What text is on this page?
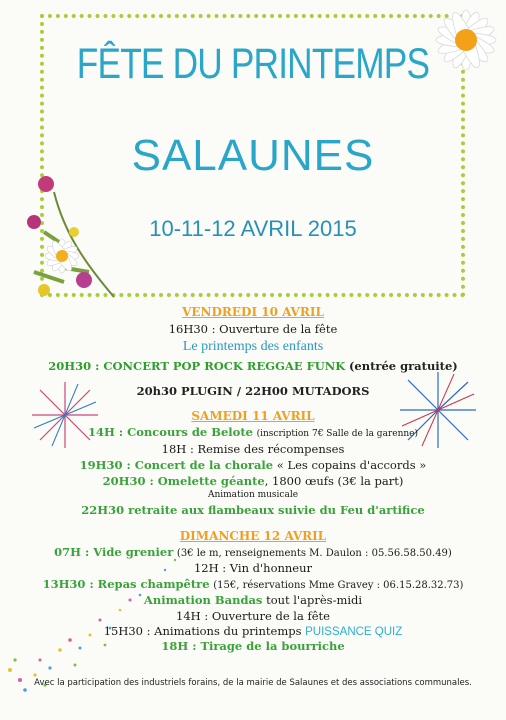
FÊTE DU PRINTEMPS
SALAUNES
10-11-12 AVRIL 2015
VENDREDI 10 AVRIL
16H30 : Ouverture de la fête
Le printemps des enfants
20H30 : CONCERT POP ROCK REGGAE FUNK (entrée gratuite)
20h30 PLUGIN / 22H00 MUTADORS
SAMEDI 11 AVRIL
14H : Concours de Belote (inscription 7€ Salle de la garenne)
18H : Remise des récompenses
19H30 : Concert de la chorale « Les copains d'accords »
20H30 : Omelette géante, 1800 œufs (3€ la part)
Animation musicale
22H30 retraite aux flambeaux suivie du Feu d'artifice
DIMANCHE 12 AVRIL
07H : Vide grenier (3€ le m, renseignements M. Daulon : 05.56.58.50.49)
12H : Vin d'honneur
13H30 : Repas champêtre (15€, réservations Mme Gravey : 06.15.28.32.73)
Animation Bandas tout l'après-midi
14H : Ouverture de la fête
15H30 : Animations du printemps PUISSANCE QUIZ
18H : Tirage de la bourriche
Avec la participation des industriels forains, de la mairie de Salaunes et des associations communales.
